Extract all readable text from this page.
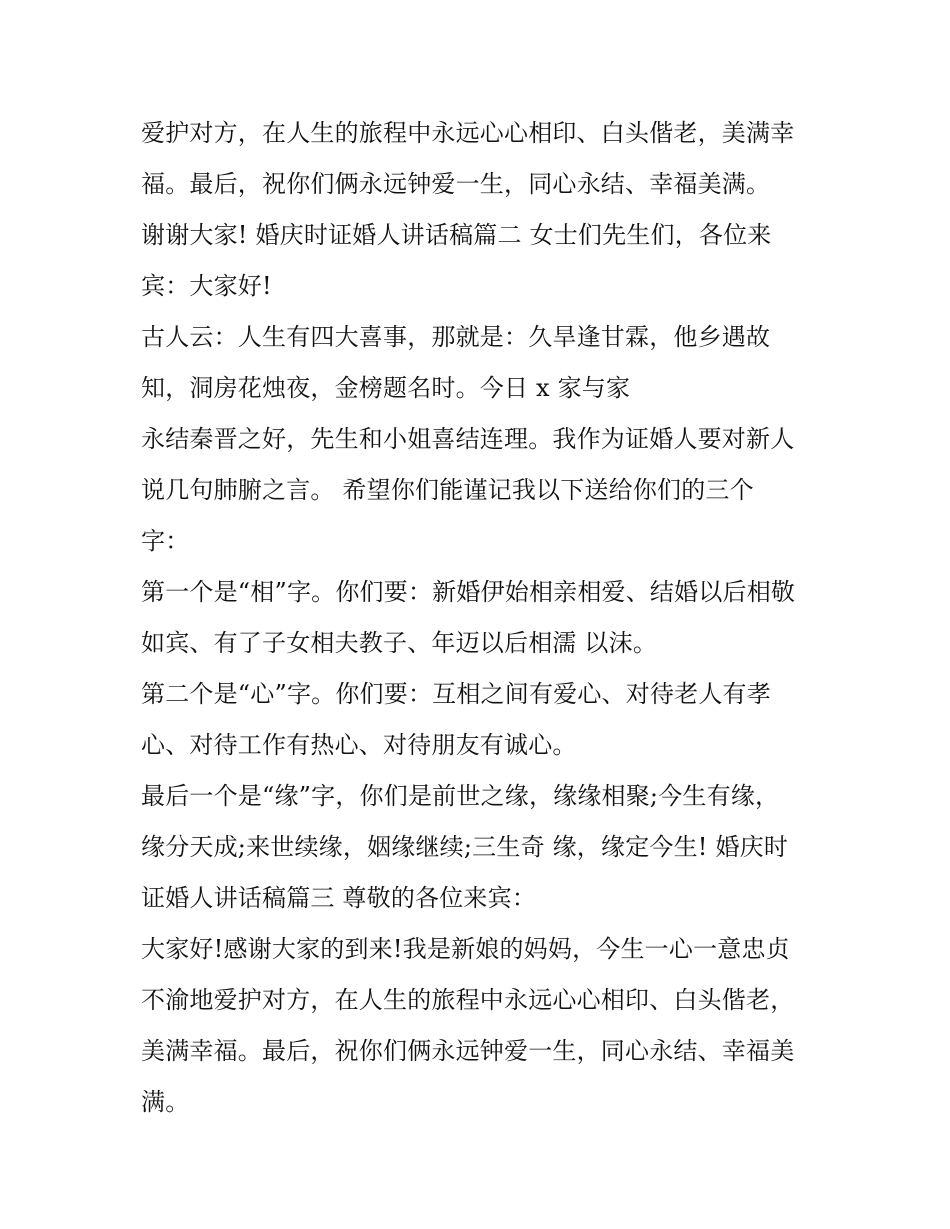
爱护对方，在人生的旅程中永远心心相印、白头偕老，美满幸
福。最后，祝你们俩永远钟爱一生，同心永结、幸福美满。
谢谢大家! 婚庆时证婚人讲话稿篇二 女士们先生们，各位来
宾：大家好!
古人云：人生有四大喜事，那就是：久旱逢甘霖，他乡遇故
知，洞房花烛夜，金榜题名时。今日 x 家与家
永结秦晋之好，先生和小姐喜结连理。我作为证婚人要对新人
说几句肺腑之言。 希望你们能谨记我以下送给你们的三个
字：
第一个是“相”字。你们要：新婚伊始相亲相爱、结婚以后相敬
如宾、有了子女相夫教子、年迈以后相濡 以沫。
第二个是“心”字。你们要：互相之间有爱心、对待老人有孝
心、对待工作有热心、对待朋友有诚心。
最后一个是“缘”字，你们是前世之缘，缘缘相聚;今生有缘，
缘分天成;来世续缘，姻缘继续;三生奇 缘，缘定今生! 婚庆时
证婚人讲话稿篇三 尊敬的各位来宾：
大家好!感谢大家的到来!我是新娘的妈妈，今生一心一意忠贞
不渝地爱护对方，在人生的旅程中永远心心相印、白头偕老，
美满幸福。最后，祝你们俩永远钟爱一生，同心永结、幸福美
满。
